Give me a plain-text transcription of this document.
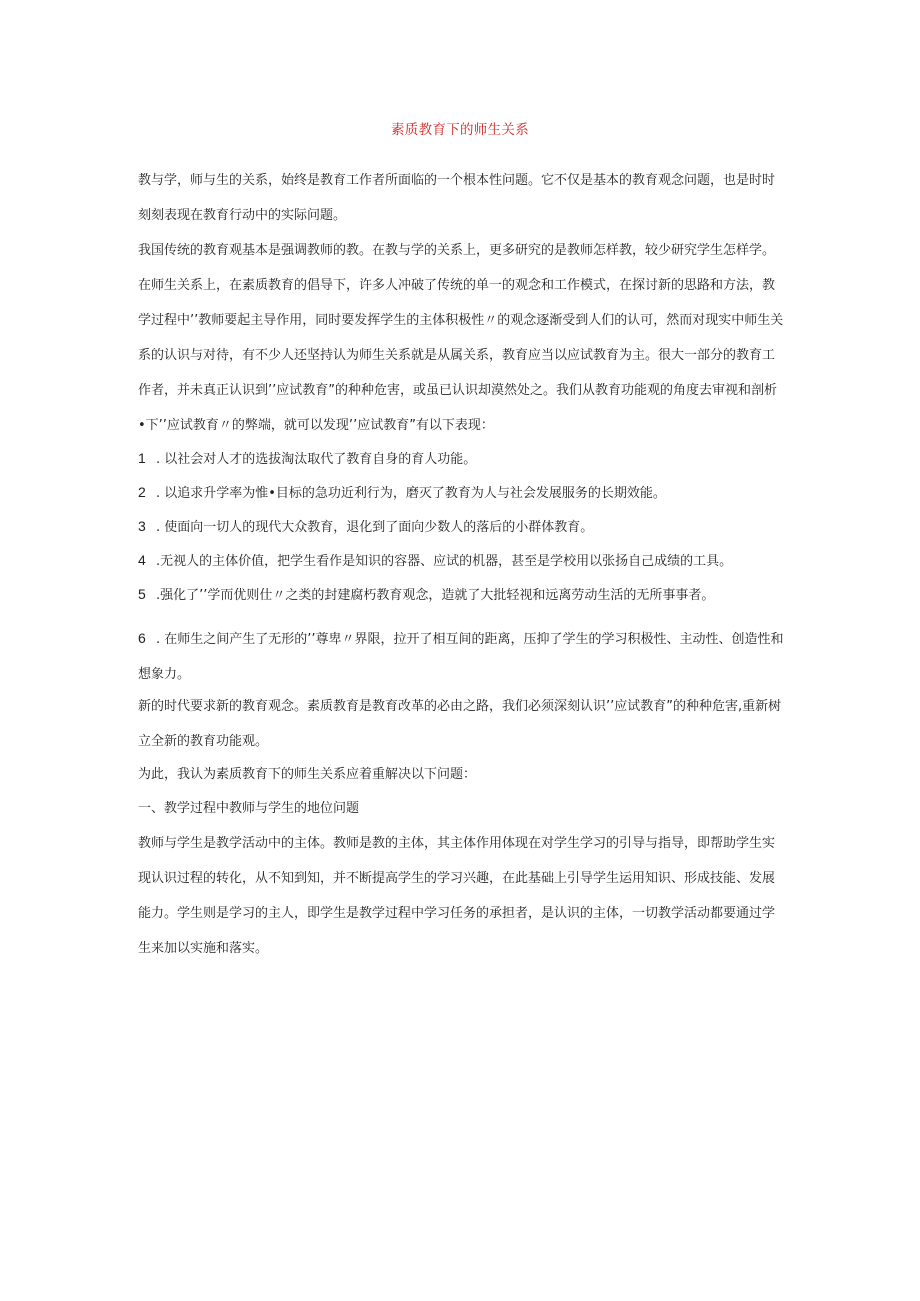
素质教育下的师生关系

教与学，师与生的关系，始终是教育工作者所面临的一个根本性问题。它不仅是基本的教育观念问题，也是时时刻刻表现在教育行动中的实际问题。

我国传统的教育观基本是强调教师的教。在教与学的关系上，更多研究的是教师怎样教，较少研究学生怎样学。在师生关系上，在素质教育的倡导下，许多人冲破了传统的单一的观念和工作模式，在探讨新的思路和方法，教学过程中’’教师要起主导作用，同时要发挥学生的主体积极性〃的观念逐渐受到人们的认可，然而对现实中师生关系的认识与对待，有不少人还坚持认为师生关系就是从属关系，教育应当以应试教育为主。很大一部分的教育工作者，并未真正认识到’’应试教育”的种种危害，或虽已认识却漠然处之。我们从教育功能观的角度去审视和剖析•下’’应试教育〃的弊端，就可以发现’’应试教育”有以下表现：

1 . 以社会对人才的选拔淘汰取代了教育自身的育人功能。
2 . 以追求升学率为惟•目标的急功近利行为，磨灭了教育为人与社会发展服务的长期效能。
3 . 使面向一切人的现代大众教育，退化到了面向少数人的落后的小群体教育。
4 .无视人的主体价值，把学生看作是知识的容器、应试的机器，甚至是学校用以张扬自己成绩的工具。
5 .强化了’’学而优则仕〃之类的封建腐朽教育观念，造就了大批轻视和远离劳动生活的无所事事者。
6 . 在师生之间产生了无形的’’尊卑〃界限，拉开了相互间的距离，压抑了学生的学习积极性、主动性、创造性和想象力。

新的时代要求新的教育观念。素质教育是教育改革的必由之路，我们必须深刻认识’’应试教育”的种种危害,重新树立全新的教育功能观。

为此，我认为素质教育下的师生关系应着重解决以下问题：

一、教学过程中教师与学生的地位问题

教师与学生是教学活动中的主体。教师是教的主体，其主体作用体现在对学生学习的引导与指导，即帮助学生实现认识过程的转化，从不知到知，并不断提高学生的学习兴趣，在此基础上引导学生运用知识、形成技能、发展能力。学生则是学习的主人，即学生是教学过程中学习任务的承担者，是认识的主体，一切教学活动都要通过学生来加以实施和落实。
